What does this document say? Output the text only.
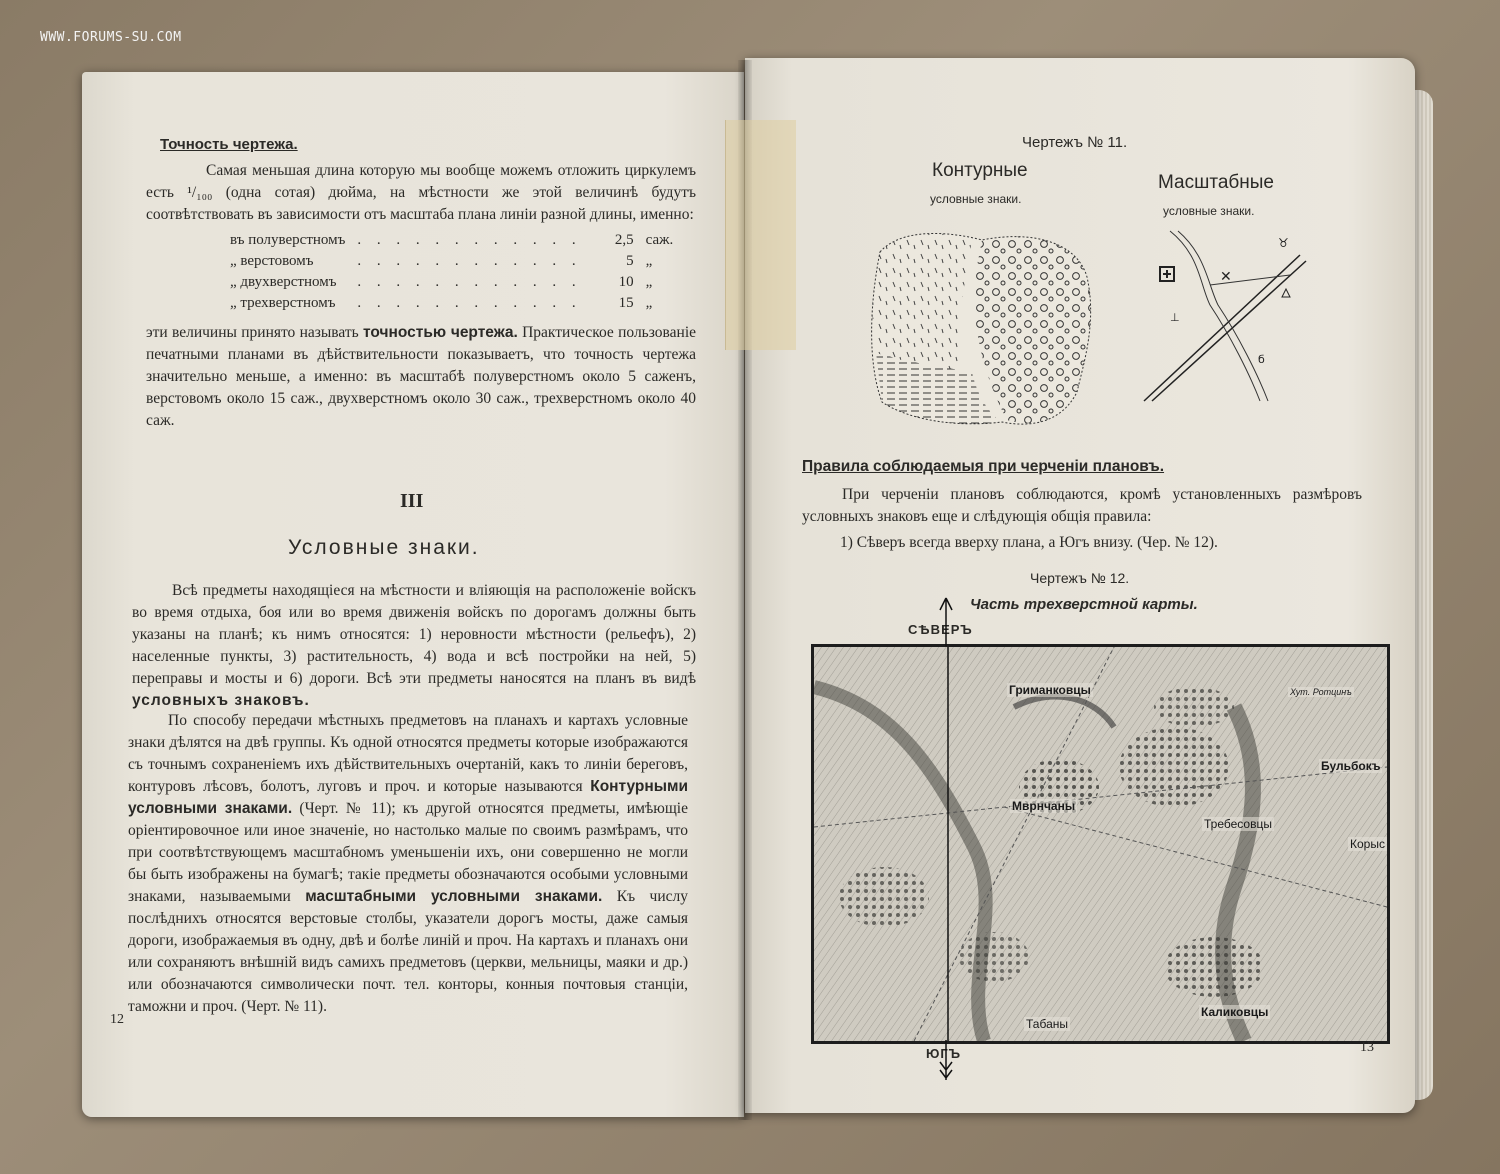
WWW.FORUMS-SU.COM
Точность чертежа.
Самая меньшая длина которую мы вообще можемъ отложить циркулемъ есть ¹/₁₀₀ (одна сотая) дюйма, на мѣстности же этой величинѣ будутъ соотвѣтствовать въ зависимости отъ масштаба плана линіи разной длины, именно:
въ полуверстномъ	. . . . . . . . . . . .	2,5	саж.
„ верстовомъ	. . . . . . . . . . . .	5	„
„ двухверстномъ	. . . . . . . . . . . .	10	„
„ трехверстномъ	. . . . . . . . . . . .	15	„
эти величины принято называть точностью чертежа. Практическое пользованіе печатными планами въ дѣйствительности показываетъ, что точность чертежа значительно меньше, а именно: въ масштабѣ полуверстномъ около 5 саженъ, верстовомъ около 15 саж., двухверстномъ около 30 саж., трехверстномъ около 40 саж.
III
Условные знаки.
Всѣ предметы находящіеся на мѣстности и вліяющія на расположеніе войскъ во время отдыха, боя или во время движенія войскъ по дорогамъ должны быть указаны на планѣ; къ нимъ относятся: 1) неровности мѣстности (рельефъ), 2) населенные пункты, 3) растительность, 4) вода и всѣ постройки на ней, 5) переправы и мосты и 6) дороги. Всѣ эти предметы наносятся на планъ въ видѣ условныхъ знаковъ.
По способу передачи мѣстныхъ предметовъ на планахъ и картахъ условные знаки дѣлятся на двѣ группы. Къ одной относятся предметы которые изображаются съ точнымъ сохраненіемъ ихъ дѣйствительныхъ очертаній, какъ то линіи береговъ, контуровъ лѣсовъ, болотъ, луговъ и проч. и которые называются Контурными условными знаками. (Черт. № 11); къ другой относятся предметы, имѣющіе оріентировочное или иное значеніе, но настолько малые по своимъ размѣрамъ, что при соотвѣтствующемъ масштабномъ уменьшеніи ихъ, они совершенно не могли бы быть изображены на бумагѣ; такіе предметы обозначаются особыми условными знаками, называемыми масштабными условными знаками. Къ числу послѣднихъ относятся верстовые столбы, указатели дорогъ мосты, даже самыя дороги, изображаемыя въ одну, двѣ и болѣе линій и проч. На картахъ и планахъ они или сохраняютъ внѣшній видъ самихъ предметовъ (церкви, мельницы, маяки и др.) или обозначаются символически почт. тел. конторы, конныя почтовыя станціи, таможни и проч. (Черт. № 11).
12
Чертежъ № 11.
Контурные
условные знаки.
Масштабные
условные знаки.
✕
♉
⊥
б
Правила соблюдаемыя при черченіи плановъ.
При черченіи плановъ соблюдаются, кромѣ установленныхъ размѣровъ условныхъ знаковъ еще и слѣдующія общія правила:
1) Сѣверъ всегда вверху плана, а Югъ внизу. (Чер. № 12).
Чертежъ № 12.
Часть трехверстной карты.
СѢВЕРЪ
Гриманковцы	Хут. Ротцинъ
Бульбокъ
Мврнчаны
Требесовцы
Корыс
Табаны
Каликовцы
ЮГЪ	13
